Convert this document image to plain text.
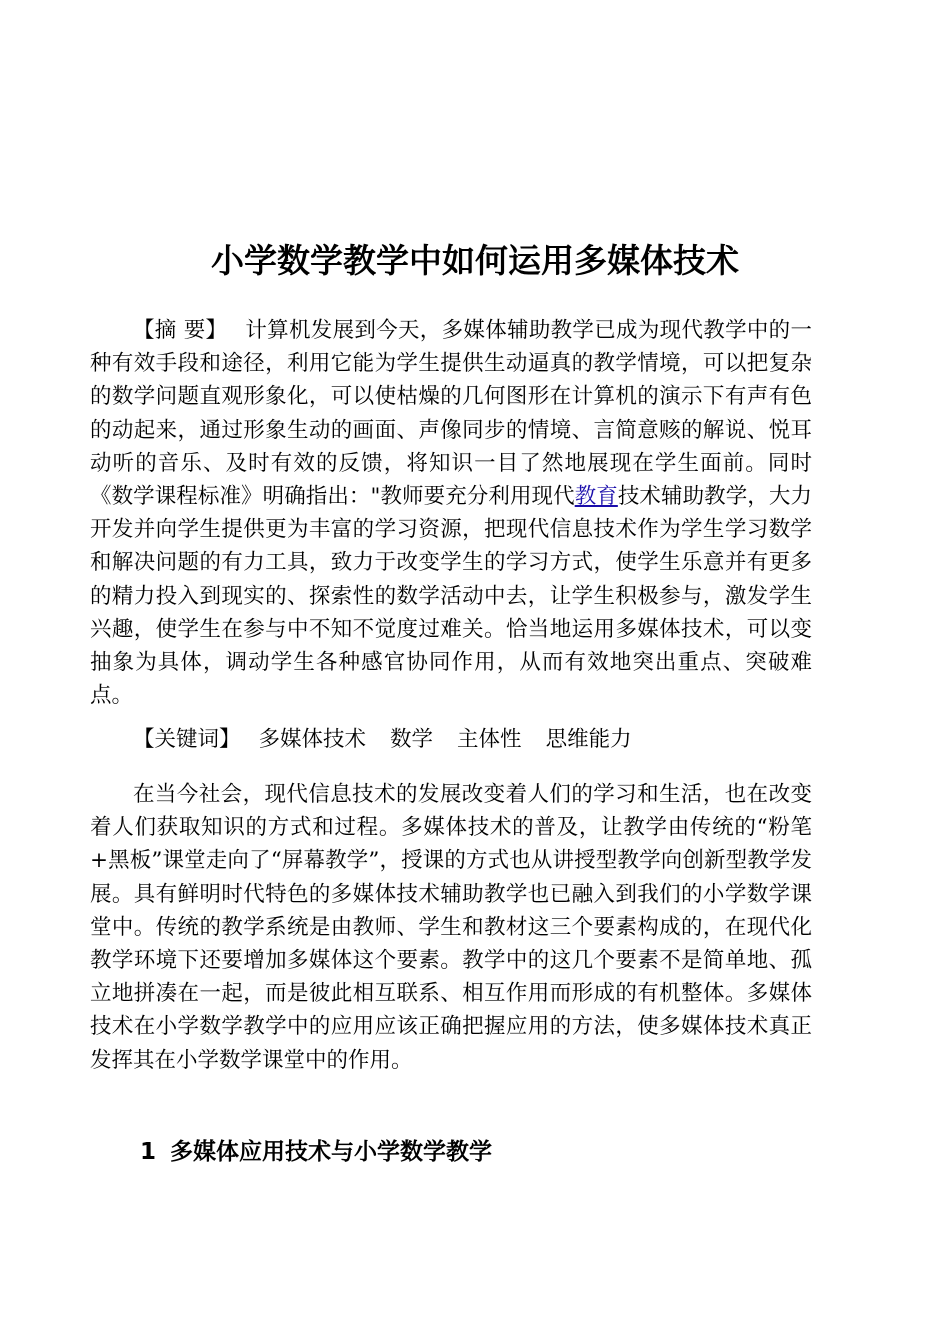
小学数学教学中如何运用多媒体技术

【摘 要】 计算机发展到今天，多媒体辅助教学已成为现代教学中的一种有效手段和途径，利用它能为学生提供生动逼真的教学情境，可以把复杂的数学问题直观形象化，可以使枯燥的几何图形在计算机的演示下有声有色的动起来，通过形象生动的画面、声像同步的情境、言简意赅的解说、悦耳动听的音乐、及时有效的反馈，将知识一目了然地展现在学生面前。同时《数学课程标准》明确指出："教师要充分利用现代教育技术辅助教学，大力开发并向学生提供更为丰富的学习资源，把现代信息技术作为学生学习数学和解决问题的有力工具，致力于改变学生的学习方式，使学生乐意并有更多的精力投入到现实的、探索性的数学活动中去，让学生积极参与，激发学生兴趣，使学生在参与中不知不觉度过难关。恰当地运用多媒体技术，可以变抽象为具体，调动学生各种感官协同作用，从而有效地突出重点、突破难点。

【关键词】 多媒体技术 数学 主体性 思维能力

在当今社会，现代信息技术的发展改变着人们的学习和生活，也在改变着人们获取知识的方式和过程。多媒体技术的普及，让教学由传统的“粉笔+黑板”课堂走向了“屏幕教学”，授课的方式也从讲授型教学向创新型教学发展。具有鲜明时代特色的多媒体技术辅助教学也已融入到我们的小学数学课堂中。传统的教学系统是由教师、学生和教材这三个要素构成的，在现代化教学环境下还要增加多媒体这个要素。教学中的这几个要素不是简单地、孤立地拼凑在一起，而是彼此相互联系、相互作用而形成的有机整体。多媒体技术在小学数学教学中的应用应该正确把握应用的方法，使多媒体技术真正发挥其在小学数学课堂中的作用。

1 多媒体应用技术与小学数学教学
